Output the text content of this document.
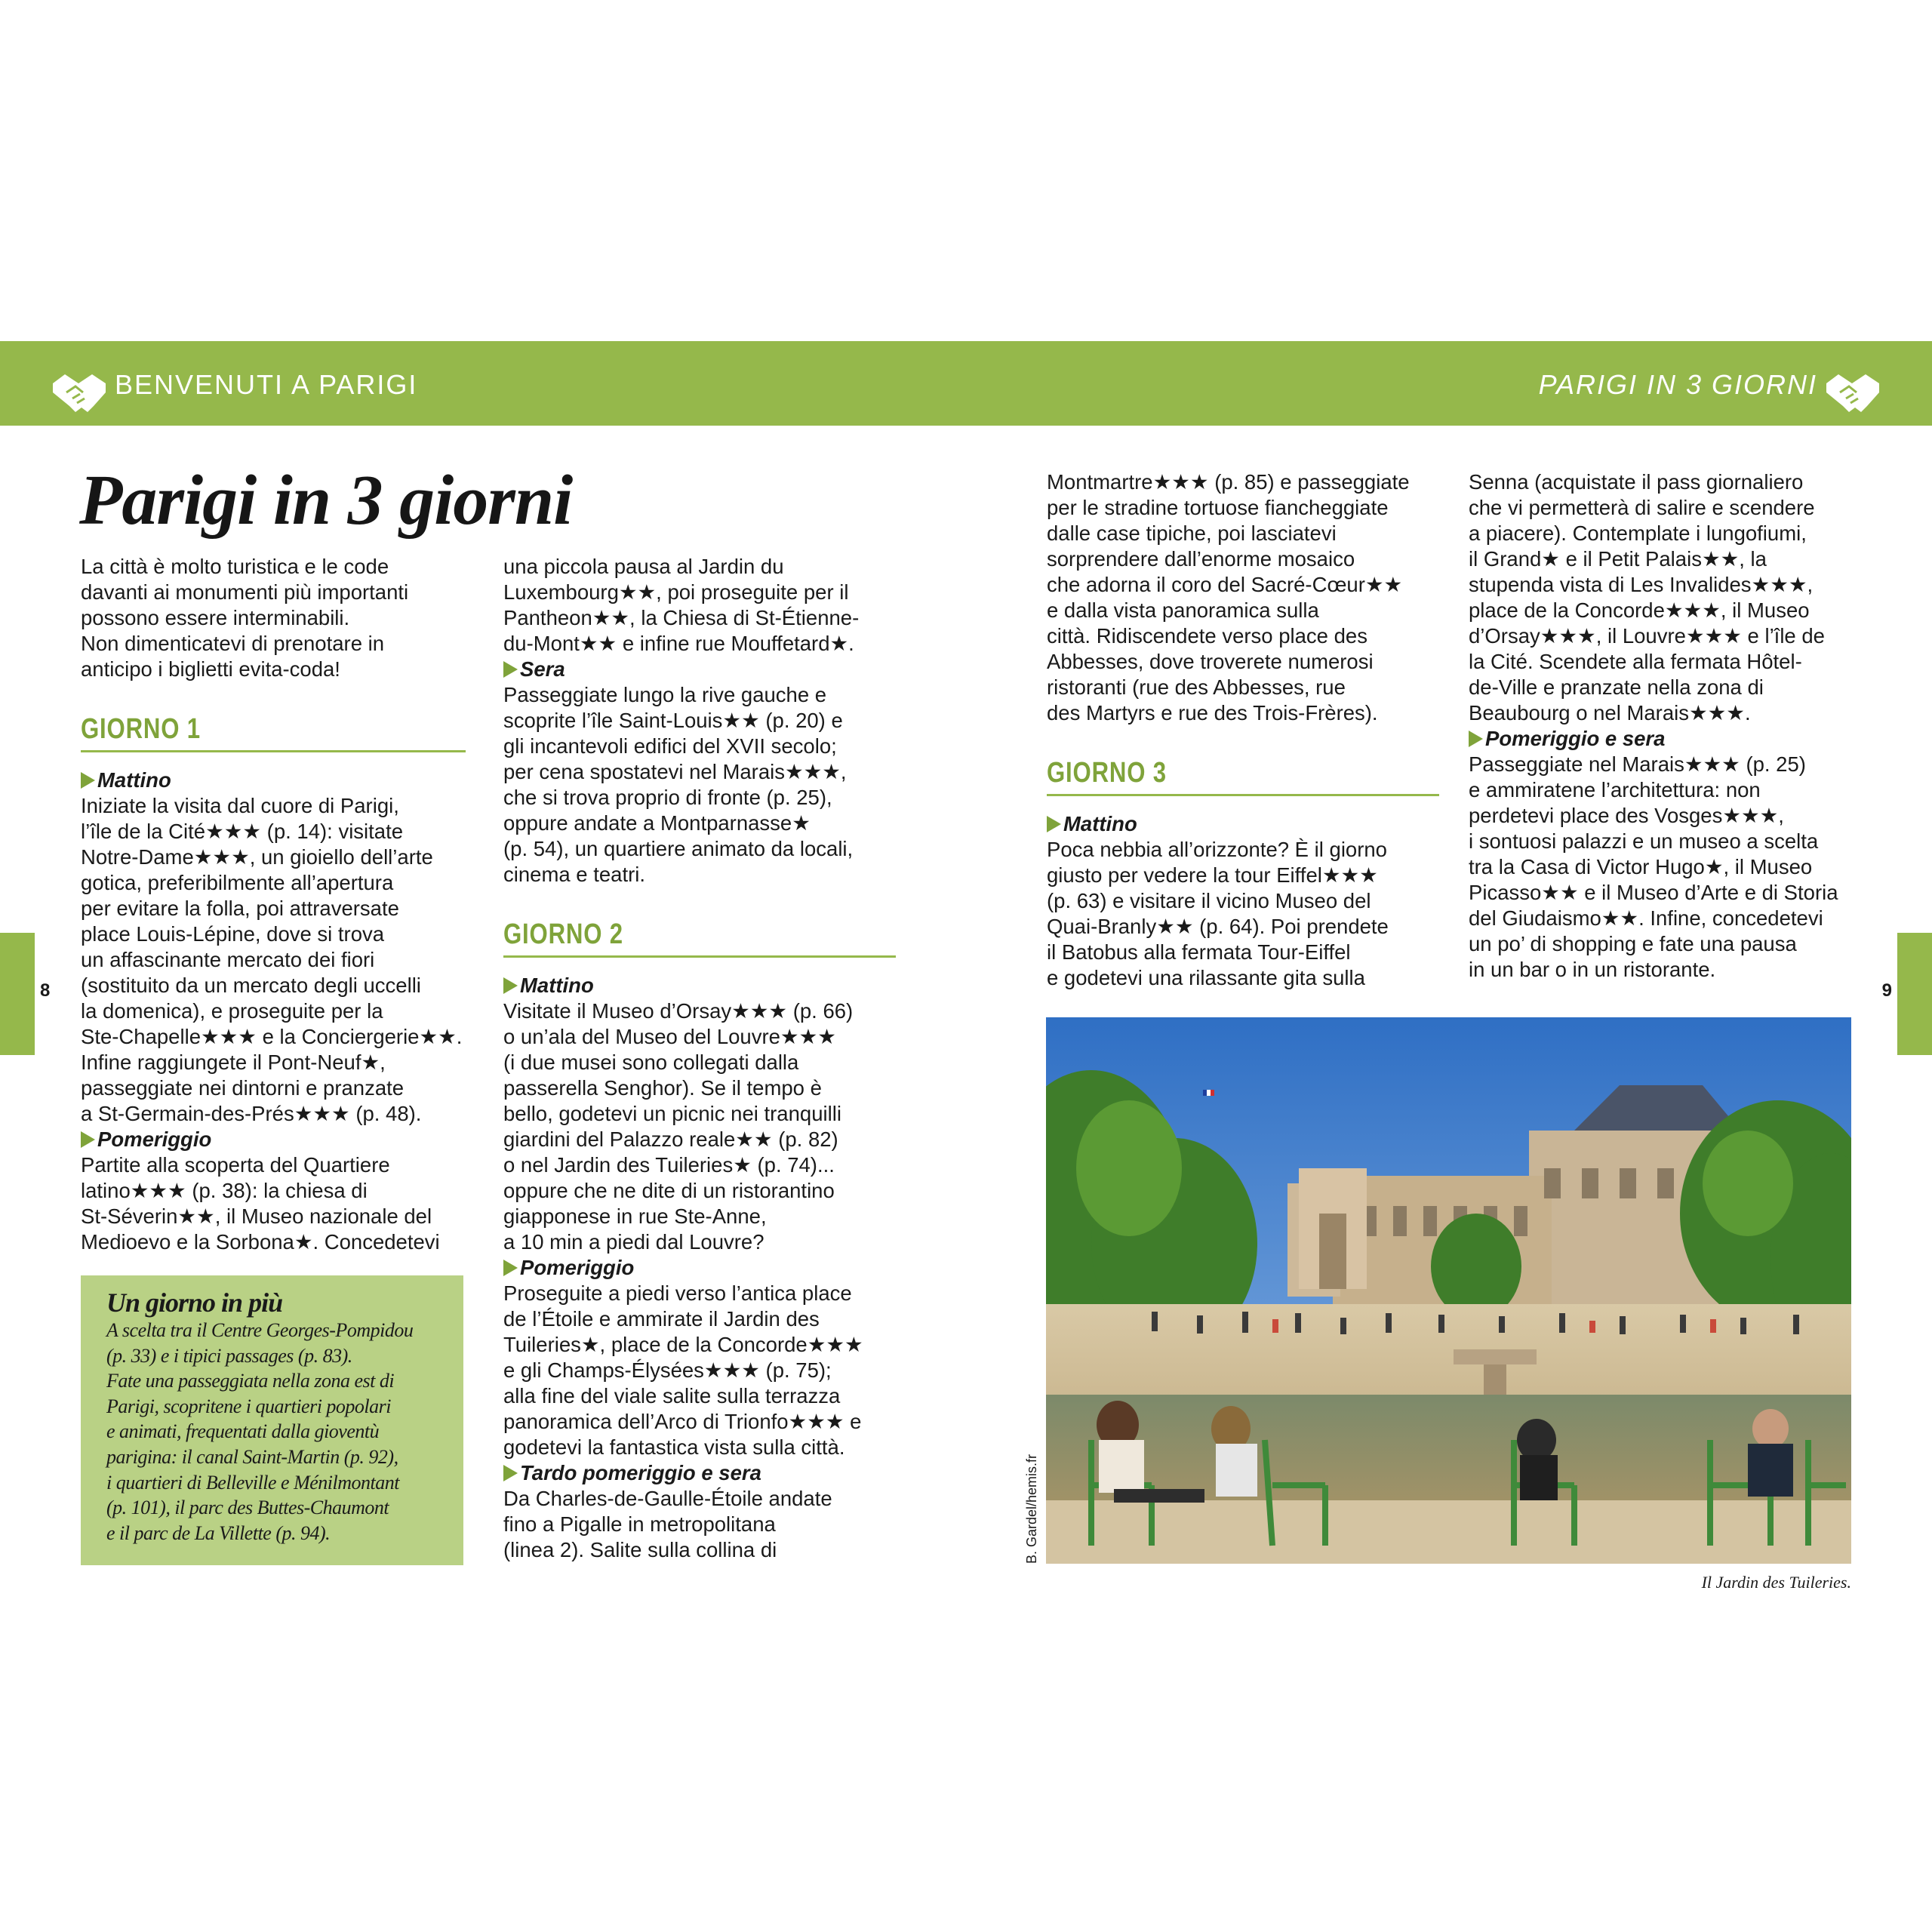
BENVENUTI A PARIGI	PARIGI IN 3 GIORNI
8	9
Parigi in 3 giorni
La città è molto turistica e le code
davanti ai monumenti più importanti
possono essere interminabili.
Non dimenticatevi di prenotare in
anticipo i biglietti evita-coda!
GIORNO 1
Mattino
Iniziate la visita dal cuore di Parigi,
l’île de la Cité★★★ (p. 14): visitate
Notre-Dame★★★, un gioiello dell’arte
gotica, preferibilmente all’apertura
per evitare la folla, poi attraversate
place Louis-Lépine, dove si trova
un affascinante mercato dei fiori
(sostituito da un mercato degli uccelli
la domenica), e proseguite per la
Ste-Chapelle★★★ e la Conciergerie★★.
Infine raggiungete il Pont-Neuf★,
passeggiate nei dintorni e pranzate
a St-Germain-des-Prés★★★ (p. 48).
Pomeriggio
Partite alla scoperta del Quartiere
latino★★★ (p. 38): la chiesa di
St-Séverin★★, il Museo nazionale del
Medioevo e la Sorbona★. Concedetevi
Un giorno in più
A scelta tra il Centre Georges-Pompidou
(p. 33) e i tipici passages (p. 83).
Fate una passeggiata nella zona est di
Parigi, scopritene i quartieri popolari
e animati, frequentati dalla gioventù
parigina: il canal Saint-Martin (p. 92),
i quartieri di Belleville e Ménilmontant
(p. 101), il parc des Buttes-Chaumont
e il parc de La Villette (p. 94).
una piccola pausa al Jardin du
Luxembourg★★, poi proseguite per il
Pantheon★★, la Chiesa di St-Étienne-
du-Mont★★ e infine rue Mouffetard★.
Sera
Passeggiate lungo la rive gauche e
scoprite l’île Saint-Louis★★ (p. 20) e
gli incantevoli edifici del XVII secolo;
per cena spostatevi nel Marais★★★,
che si trova proprio di fronte (p. 25),
oppure andate a Montparnasse★
(p. 54), un quartiere animato da locali,
cinema e teatri.
GIORNO 2
Mattino
Visitate il Museo d’Orsay★★★ (p. 66)
o un’ala del Museo del Louvre★★★
(i due musei sono collegati dalla
passerella Senghor). Se il tempo è
bello, godetevi un picnic nei tranquilli
giardini del Palazzo reale★★ (p. 82)
o nel Jardin des Tuileries★ (p. 74)...
oppure che ne dite di un ristorantino
giapponese in rue Ste-Anne,
a 10 min a piedi dal Louvre?
Pomeriggio
Proseguite a piedi verso l’antica place
de l’Étoile e ammirate il Jardin des
Tuileries★, place de la Concorde★★★
e gli Champs-Élysées★★★ (p. 75);
alla fine del viale salite sulla terrazza
panoramica dell’Arco di Trionfo★★★ e
godetevi la fantastica vista sulla città.
Tardo pomeriggio e sera
Da Charles-de-Gaulle-Étoile andate
fino a Pigalle in metropolitana
(linea 2). Salite sulla collina di
Montmartre★★★ (p. 85) e passeggiate
per le stradine tortuose fiancheggiate
dalle case tipiche, poi lasciatevi
sorprendere dall’enorme mosaico
che adorna il coro del Sacré-Cœur★★
e dalla vista panoramica sulla
città. Ridiscendete verso place des
Abbesses, dove troverete numerosi
ristoranti (rue des Abbesses, rue
des Martyrs e rue des Trois-Frères).
GIORNO 3
Mattino
Poca nebbia all’orizzonte? È il giorno
giusto per vedere la tour Eiffel★★★
(p. 63) e visitare il vicino Museo del
Quai-Branly★★ (p. 64). Poi prendete
il Batobus alla fermata Tour-Eiffel
e godetevi una rilassante gita sulla
Senna (acquistate il pass giornaliero
che vi permetterà di salire e scendere
a piacere). Contemplate i lungofiumi,
il Grand★ e il Petit Palais★★, la
stupenda vista di Les Invalides★★★,
place de la Concorde★★★, il Museo
d’Orsay★★★, il Louvre★★★ e l’île de
la Cité. Scendete alla fermata Hôtel-
de-Ville e pranzate nella zona di
Beaubourg o nel Marais★★★.
Pomeriggio e sera
Passeggiate nel Marais★★★ (p. 25)
e ammiratene l’architettura: non
perdetevi place des Vosges★★★,
i sontuosi palazzi e un museo a scelta
tra la Casa di Victor Hugo★, il Museo
Picasso★★ e il Museo d’Arte e di Storia
del Giudaismo★★. Infine, concedetevi
un po’ di shopping e fate una pausa
in un bar o in un ristorante.
B. Gardel/hemis.fr
Il Jardin des Tuileries.
